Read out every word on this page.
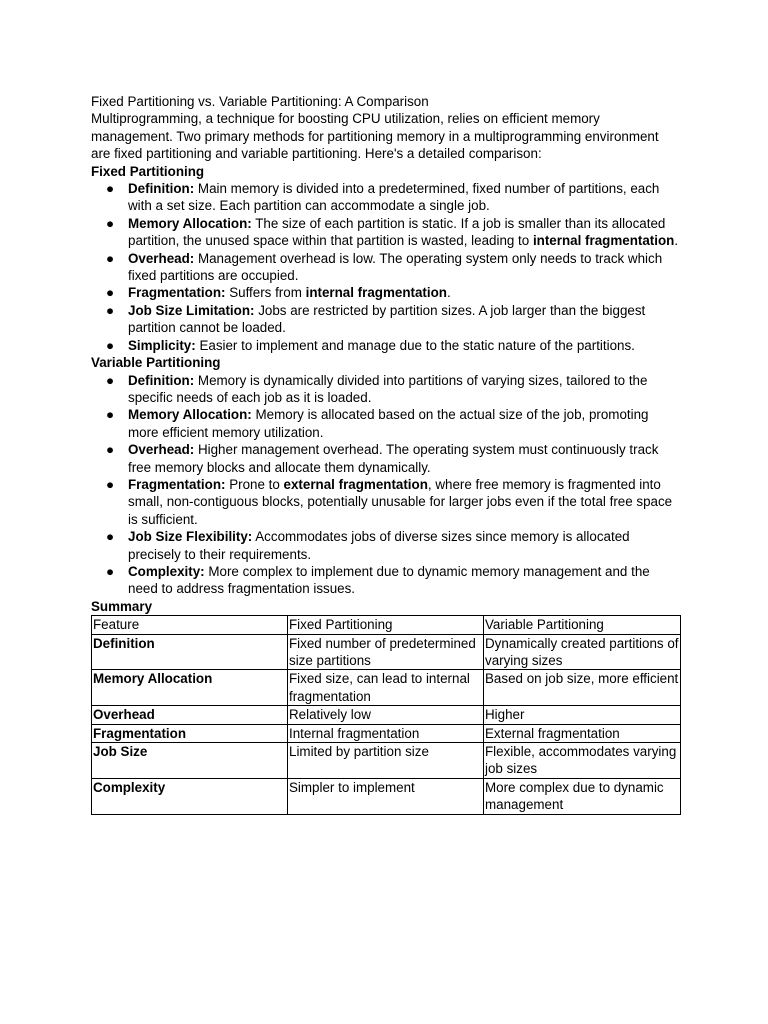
Fixed Partitioning vs. Variable Partitioning: A Comparison

Multiprogramming, a technique for boosting CPU utilization, relies on efficient memory management. Two primary methods for partitioning memory in a multiprogramming environment are fixed partitioning and variable partitioning. Here's a detailed comparison:

Fixed Partitioning

● Definition: Main memory is divided into a predetermined, fixed number of partitions, each with a set size. Each partition can accommodate a single job.
● Memory Allocation: The size of each partition is static. If a job is smaller than its allocated partition, the unused space within that partition is wasted, leading to internal fragmentation.
● Overhead: Management overhead is low. The operating system only needs to track which fixed partitions are occupied.
● Fragmentation: Suffers from internal fragmentation.
● Job Size Limitation: Jobs are restricted by partition sizes. A job larger than the biggest partition cannot be loaded.
● Simplicity: Easier to implement and manage due to the static nature of the partitions.

Variable Partitioning

● Definition: Memory is dynamically divided into partitions of varying sizes, tailored to the specific needs of each job as it is loaded.
● Memory Allocation: Memory is allocated based on the actual size of the job, promoting more efficient memory utilization.
● Overhead: Higher management overhead. The operating system must continuously track free memory blocks and allocate them dynamically.
● Fragmentation: Prone to external fragmentation, where free memory is fragmented into small, non-contiguous blocks, potentially unusable for larger jobs even if the total free space is sufficient.
● Job Size Flexibility: Accommodates jobs of diverse sizes since memory is allocated precisely to their requirements.
● Complexity: More complex to implement due to dynamic memory management and the need to address fragmentation issues.

Summary

Feature	Fixed Partitioning	Variable Partitioning
Definition	Fixed number of predetermined size partitions	Dynamically created partitions of varying sizes
Memory Allocation	Fixed size, can lead to internal fragmentation	Based on job size, more efficient
Overhead	Relatively low	Higher
Fragmentation	Internal fragmentation	External fragmentation
Job Size	Limited by partition size	Flexible, accommodates varying job sizes
Complexity	Simpler to implement	More complex due to dynamic management
